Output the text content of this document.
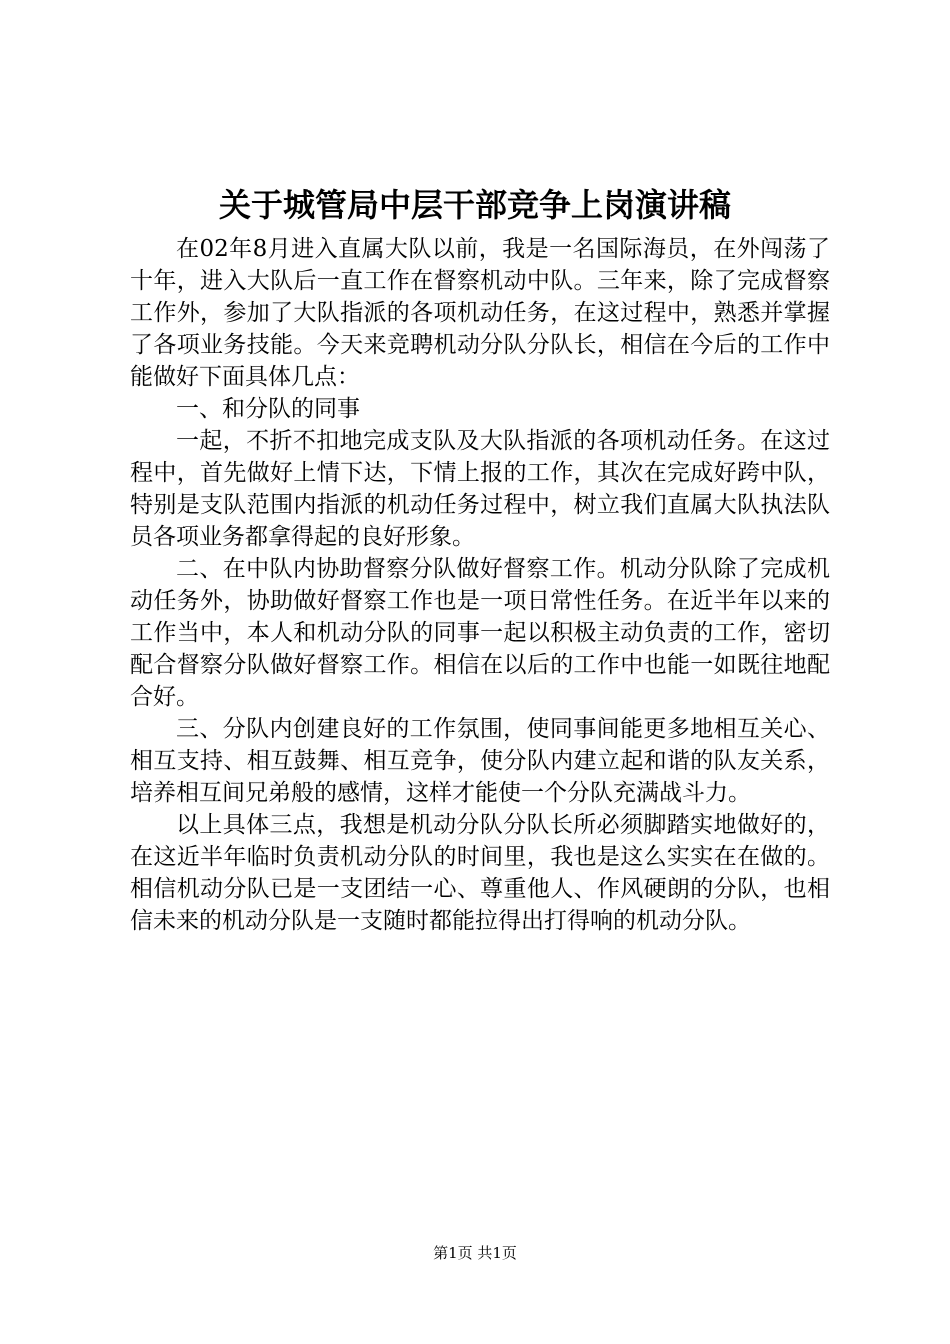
关于城管局中层干部竞争上岗演讲稿

在02年8月进入直属大队以前，我是一名国际海员，在外闯荡了十年，进入大队后一直工作在督察机动中队。三年来，除了完成督察工作外，参加了大队指派的各项机动任务，在这过程中，熟悉并掌握了各项业务技能。今天来竞聘机动分队分队长，相信在今后的工作中能做好下面具体几点：

一、和分队的同事

一起，不折不扣地完成支队及大队指派的各项机动任务。在这过程中，首先做好上情下达，下情上报的工作，其次在完成好跨中队，特别是支队范围内指派的机动任务过程中，树立我们直属大队执法队员各项业务都拿得起的良好形象。

二、在中队内协助督察分队做好督察工作。机动分队除了完成机动任务外，协助做好督察工作也是一项日常性任务。在近半年以来的工作当中，本人和机动分队的同事一起以积极主动负责的工作，密切配合督察分队做好督察工作。相信在以后的工作中也能一如既往地配合好。

三、分队内创建良好的工作氛围，使同事间能更多地相互关心、相互支持、相互鼓舞、相互竞争，使分队内建立起和谐的队友关系，培养相互间兄弟般的感情，这样才能使一个分队充满战斗力。

以上具体三点，我想是机动分队分队长所必须脚踏实地做好的，在这近半年临时负责机动分队的时间里，我也是这么实实在在做的。相信机动分队已是一支团结一心、尊重他人、作风硬朗的分队，也相信未来的机动分队是一支随时都能拉得出打得响的机动分队。

第1页 共1页
